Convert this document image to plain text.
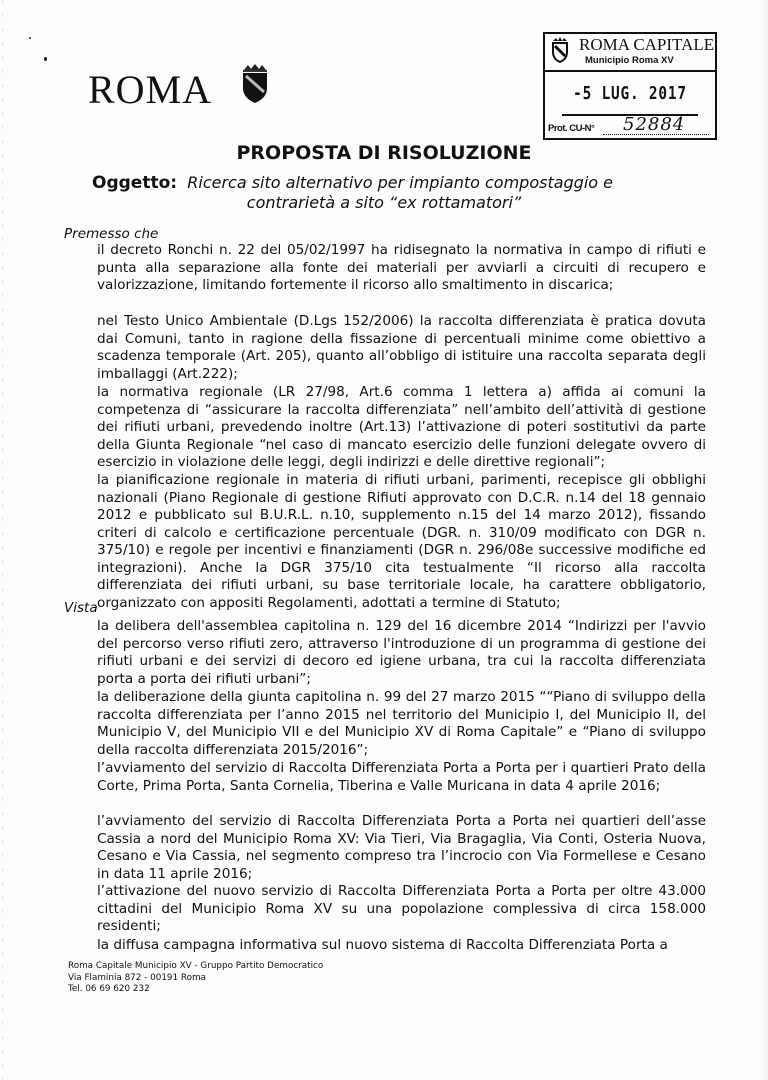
ROMA
ROMA CAPITALE
Municipio Roma XV
-5 LUG. 2017
Prot. CU-N° 52884
PROPOSTA DI RISOLUZIONE
Oggetto: Ricerca sito alternativo per impianto compostaggio e
contrarietà a sito “ex rottamatori”
Premesso che
il decreto Ronchi n. 22 del 05/02/1997 ha ridisegnato la normativa in campo di rifiuti e punta alla separazione alla fonte dei materiali per avviarli a circuiti di recupero e valorizzazione, limitando fortemente il ricorso allo smaltimento in discarica;
nel Testo Unico Ambientale (D.Lgs 152/2006) la raccolta differenziata è pratica dovuta dai Comuni, tanto in ragione della fissazione di percentuali minime come obiettivo a scadenza temporale (Art. 205), quanto all’obbligo di istituire una raccolta separata degli imballaggi (Art.222);
la normativa regionale (LR 27/98, Art.6 comma 1 lettera a) affida ai comuni la competenza di “assicurare la raccolta differenziata” nell’ambito dell’attività di gestione dei rifiuti urbani, prevedendo inoltre (Art.13) l’attivazione di poteri sostitutivi da parte della Giunta Regionale “nel caso di mancato esercizio delle funzioni delegate ovvero di esercizio in violazione delle leggi, degli indirizzi e delle direttive regionali”;
la pianificazione regionale in materia di rifiuti urbani, parimenti, recepisce gli obblighi nazionali (Piano Regionale di gestione Rifiuti approvato con D.C.R. n.14 del 18 gennaio 2012 e pubblicato sul B.U.R.L. n.10, supplemento n.15 del 14 marzo 2012), fissando criteri di calcolo e certificazione percentuale (DGR. n. 310/09 modificato con DGR n. 375/10) e regole per incentivi e finanziamenti (DGR n. 296/08e successive modifiche ed integrazioni). Anche la DGR 375/10 cita testualmente “Il ricorso alla raccolta differenziata dei rifiuti urbani, su base territoriale locale, ha carattere obbligatorio, organizzato con appositi Regolamenti, adottati a termine di Statuto;
Vista
la delibera dell'assemblea capitolina n. 129 del 16 dicembre 2014 “Indirizzi per l'avvio del percorso verso rifiuti zero, attraverso l'introduzione di un programma di gestione dei rifiuti urbani e dei servizi di decoro ed igiene urbana, tra cui la raccolta differenziata porta a porta dei rifiuti urbani”;
la deliberazione della giunta capitolina n. 99 del 27 marzo 2015 ““Piano di sviluppo della raccolta differenziata per l’anno 2015 nel territorio del Municipio I, del Municipio II, del Municipio V, del Municipio VII e del Municipio XV di Roma Capitale” e “Piano di sviluppo della raccolta differenziata 2015/2016”;
l’avviamento del servizio di Raccolta Differenziata Porta a Porta per i quartieri Prato della Corte, Prima Porta, Santa Cornelia, Tiberina e Valle Muricana in data 4 aprile 2016;
l’avviamento del servizio di Raccolta Differenziata Porta a Porta nei quartieri dell’asse Cassia a nord del Municipio Roma XV: Via Tieri, Via Bragaglia, Via Conti, Osteria Nuova, Cesano e Via Cassia, nel segmento compreso tra l’incrocio con Via Formellese e Cesano in data 11 aprile 2016;
l’attivazione del nuovo servizio di Raccolta Differenziata Porta a Porta per oltre 43.000 cittadini del Municipio Roma XV su una popolazione complessiva di circa 158.000 residenti;
la diffusa campagna informativa sul nuovo sistema di Raccolta Differenziata Porta a
Roma Capitale Municipio XV - Gruppo Partito Democratico
Via Flaminia 872 - 00191 Roma
Tel. 06 69 620 232
